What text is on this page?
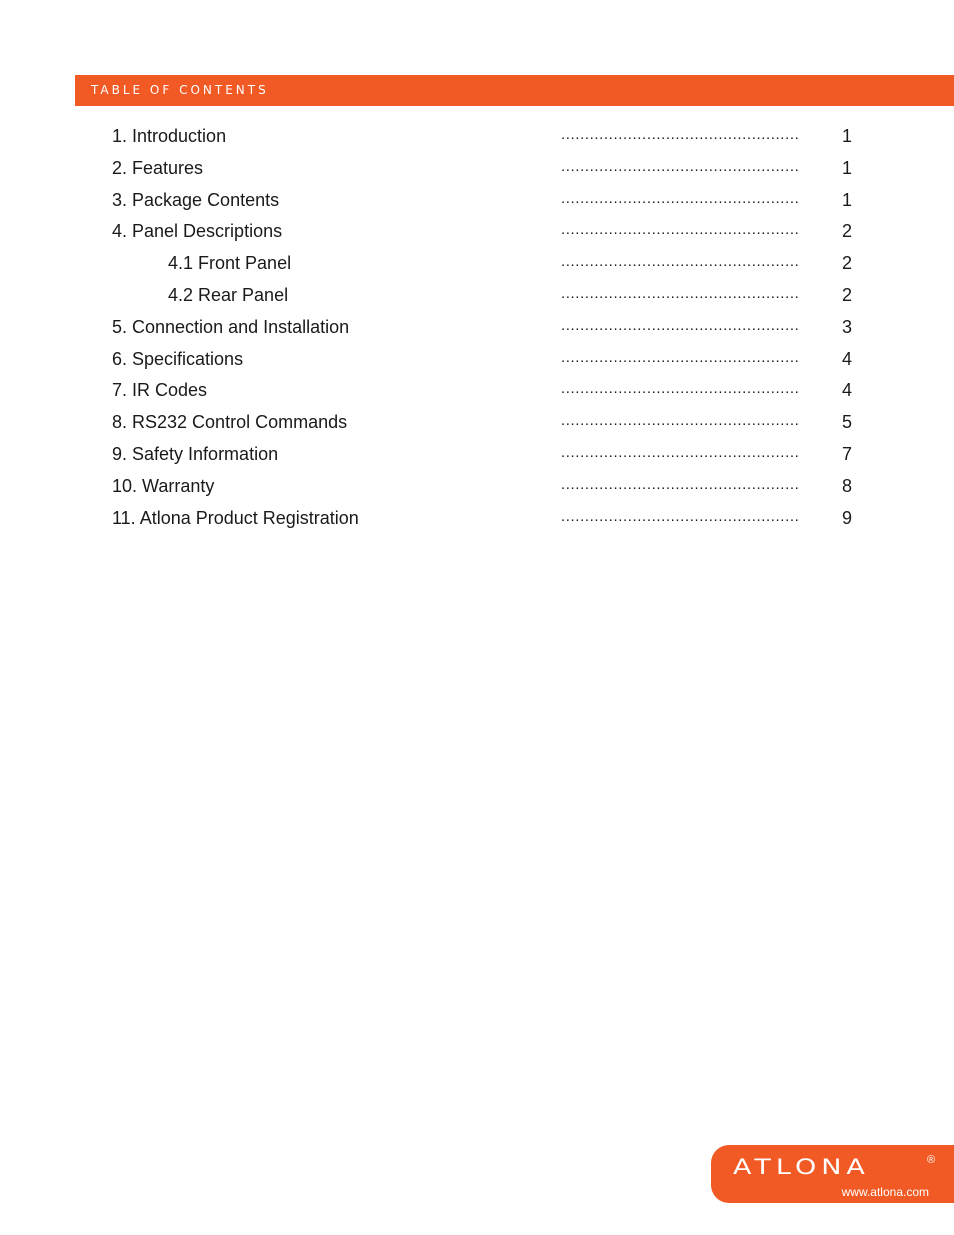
TABLE OF CONTENTS
1. Introduction	..................................................	1
2. Features	..................................................	1
3. Package Contents	..................................................	1
4. Panel Descriptions	..................................................	2
4.1 Front Panel	..................................................	2
4.2 Rear Panel	..................................................	2
5. Connection and Installation	..................................................	3
6. Specifications	..................................................	4
7. IR Codes	..................................................	4
8. RS232 Control Commands	..................................................	5
9. Safety Information	..................................................	7
10. Warranty	..................................................	8
11. Atlona Product Registration	..................................................	9
ATLONA	®
www.atlona.com
